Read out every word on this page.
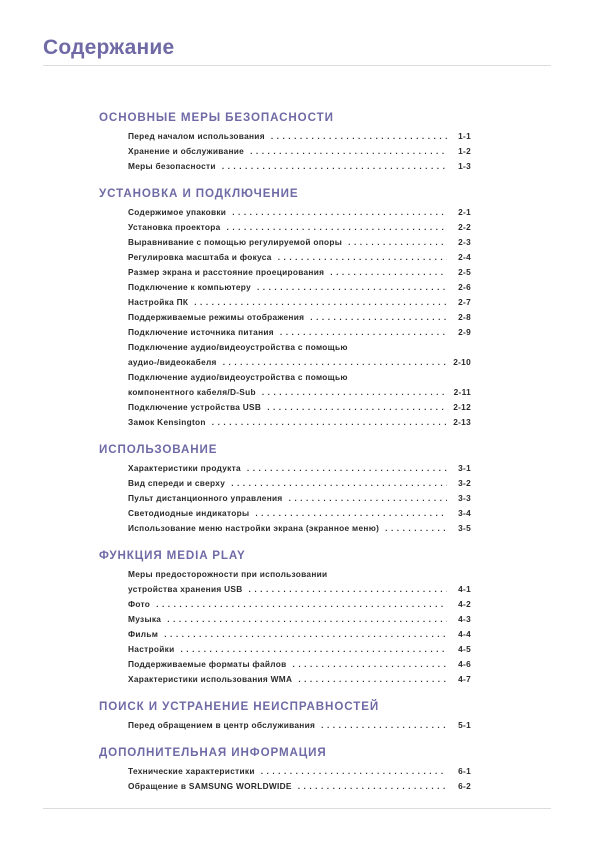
Содержание
ОСНОВНЫЕ МЕРЫ БЕЗОПАСНОСТИ
Перед началом использования . . .	1-1
Хранение и обслуживание . . .	1-2
Меры безопасности . . .	1-3
УСТАНОВКА И ПОДКЛЮЧЕНИЕ
Содержимое упаковки . . .	2-1
Установка проектора . . .	2-2
Выравнивание с помощью регулируемой опоры . . .	2-3
Регулировка масштаба и фокуса . . .	2-4
Размер экрана и расстояние проецирования . . .	2-5
Подключение к компьютеру . . .	2-6
Настройка ПК . . .	2-7
Поддерживаемые режимы отображения . . .	2-8
Подключение источника питания . . .	2-9
Подключение аудио/видеоустройства с помощью
аудио-/видеокабеля . . .	2-10
Подключение аудио/видеоустройства с помощью
компонентного кабеля/D-Sub . . .	2-11
Подключение устройства USB . . .	2-12
Замок Kensington . . .	2-13
ИСПОЛЬЗОВАНИЕ
Характеристики продукта . . .	3-1
Вид спереди и сверху . . .	3-2
Пульт дистанционного управления . . .	3-3
Светодиодные индикаторы . . .	3-4
Использование меню настройки экрана (экранное меню) . . .	3-5
ФУНКЦИЯ MEDIA PLAY
Меры предосторожности при использовании
устройства хранения USB . . .	4-1
Фото . . .	4-2
Музыка . . .	4-3
Фильм . . .	4-4
Настройки . . .	4-5
Поддерживаемые форматы файлов . . .	4-6
Характеристики использования WMA . . .	4-7
ПОИСК И УСТРАНЕНИЕ НЕИСПРАВНОСТЕЙ
Перед обращением в центр обслуживания . . .	5-1
ДОПОЛНИТЕЛЬНАЯ ИНФОРМАЦИЯ
Технические характеристики . . .	6-1
Обращение в SAMSUNG WORLDWIDE . . .	6-2
